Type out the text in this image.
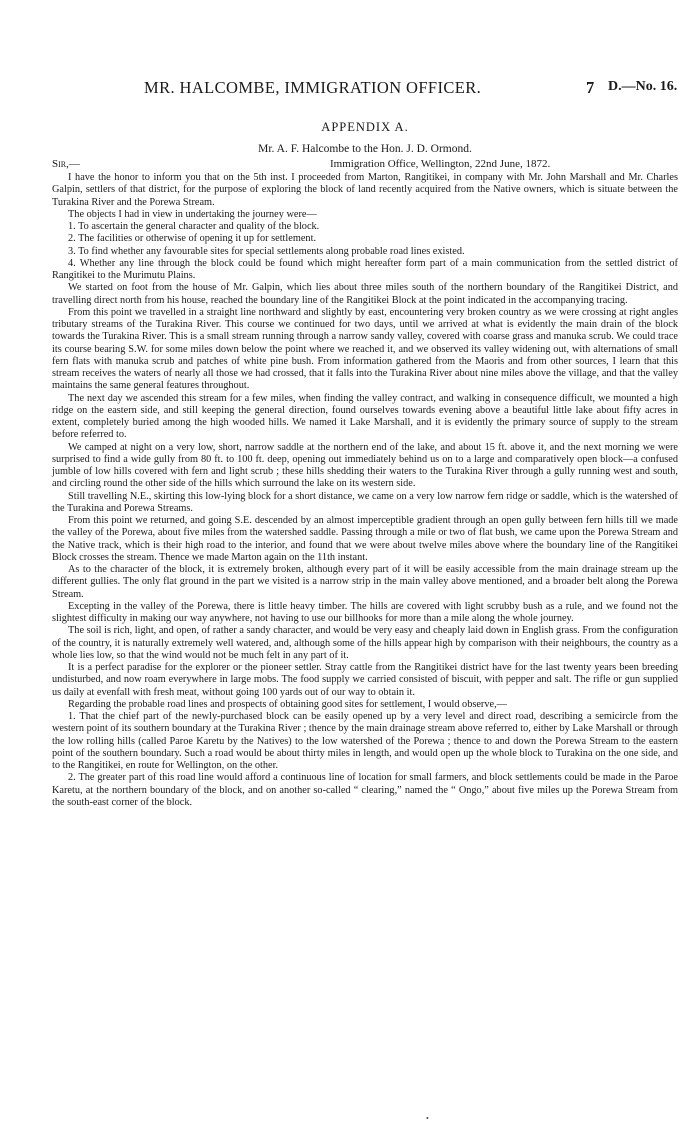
MR. HALCOMBE, IMMIGRATION OFFICER.	7 D.—No. 16.
APPENDIX A.
Mr. A. F. Halcombe to the Hon. J. D. Ormond.
Sir,—	Immigration Office, Wellington, 22nd June, 1872.

I have the honor to inform you that on the 5th inst. I proceeded from Marton, Rangitikei, in company with Mr. John Marshall and Mr. Charles Galpin, settlers of that district, for the purpose of exploring the block of land recently acquired from the Native owners, which is situate between the Turakina River and the Porewa Stream.

The objects I had in view in undertaking the journey were—

1. To ascertain the general character and quality of the block.

2. The facilities or otherwise of opening it up for settlement.

3. To find whether any favourable sites for special settlements along probable road lines existed.

4. Whether any line through the block could be found which might hereafter form part of a main communication from the settled district of Rangitikei to the Murimutu Plains.

We started on foot from the house of Mr. Galpin, which lies about three miles south of the northern boundary of the Rangitikei District, and travelling direct north from his house, reached the boundary line of the Rangitikei Block at the point indicated in the accompanying tracing.

From this point we travelled in a straight line northward and slightly by east, encountering very broken country as we were crossing at right angles tributary streams of the Turakina River. This course we continued for two days, until we arrived at what is evidently the main drain of the block towards the Turakina River. This is a small stream running through a narrow sandy valley, covered with coarse grass and manuka scrub. We could trace its course bearing S.W. for some miles down below the point where we reached it, and we observed its valley widening out, with alternations of small fern flats with manuka scrub and patches of white pine bush. From information gathered from the Maoris and from other sources, I learn that this stream receives the waters of nearly all those we had crossed, that it falls into the Turakina River about nine miles above the village, and that the valley maintains the same general features throughout.

The next day we ascended this stream for a few miles, when finding the valley contract, and walking in consequence difficult, we mounted a high ridge on the eastern side, and still keeping the general direction, found ourselves towards evening above a beautiful little lake about fifty acres in extent, completely buried among the high wooded hills. We named it Lake Marshall, and it is evidently the primary source of supply to the stream before referred to.

We camped at night on a very low, short, narrow saddle at the northern end of the lake, and about 15 ft. above it, and the next morning we were surprised to find a wide gully from 80 ft. to 100 ft. deep, opening out immediately behind us on to a large and comparatively open block—a confused jumble of low hills covered with fern and light scrub ; these hills shedding their waters to the Turakina River through a gully running west and south, and circling round the other side of the hills which surround the lake on its western side.

Still travelling N.E., skirting this low-lying block for a short distance, we came on a very low narrow fern ridge or saddle, which is the watershed of the Turakina and Porewa Streams.

From this point we returned, and going S.E. descended by an almost imperceptible gradient through an open gully between fern hills till we made the valley of the Porewa, about five miles from the watershed saddle. Passing through a mile or two of flat bush, we came upon the Porewa Stream and the Native track, which is their high road to the interior, and found that we were about twelve miles above where the boundary line of the Rangitikei Block crosses the stream. Thence we made Marton again on the 11th instant.

As to the character of the block, it is extremely broken, although every part of it will be easily accessible from the main drainage stream up the different gullies. The only flat ground in the part we visited is a narrow strip in the main valley above mentioned, and a broader belt along the Porewa Stream.

Excepting in the valley of the Porewa, there is little heavy timber. The hills are covered with light scrubby bush as a rule, and we found not the slightest difficulty in making our way anywhere, not having to use our billhooks for more than a mile along the whole journey.

The soil is rich, light, and open, of rather a sandy character, and would be very easy and cheaply laid down in English grass. From the configuration of the country, it is naturally extremely well watered, and, although some of the hills appear high by comparison with their neighbours, the country as a whole lies low, so that the wind would not be much felt in any part of it.

It is a perfect paradise for the explorer or the pioneer settler. Stray cattle from the Rangitikei district have for the last twenty years been breeding undisturbed, and now roam everywhere in large mobs. The food supply we carried consisted of biscuit, with pepper and salt. The rifle or gun supplied us daily at evenfall with fresh meat, without going 100 yards out of our way to obtain it.

Regarding the probable road lines and prospects of obtaining good sites for settlement, I would observe,—

1. That the chief part of the newly-purchased block can be easily opened up by a very level and direct road, describing a semicircle from the western point of its southern boundary at the Turakina River ; thence by the main drainage stream above referred to, either by Lake Marshall or through the low rolling hills (called Paroe Karetu by the Natives) to the low watershed of the Porewa ; thence to and down the Porewa Stream to the eastern point of the southern boundary. Such a road would be about thirty miles in length, and would open up the whole block to Turakina on the one side, and to the Rangitikei, en route for Wellington, on the other.

2. The greater part of this road line would afford a continuous line of location for small farmers, and block settlements could be made in the Paroe Karetu, at the northern boundary of the block, and on another so-called “ clearing,” named the “ Ongo,” about five miles up the Porewa Stream from the south-east corner of the block.

•
